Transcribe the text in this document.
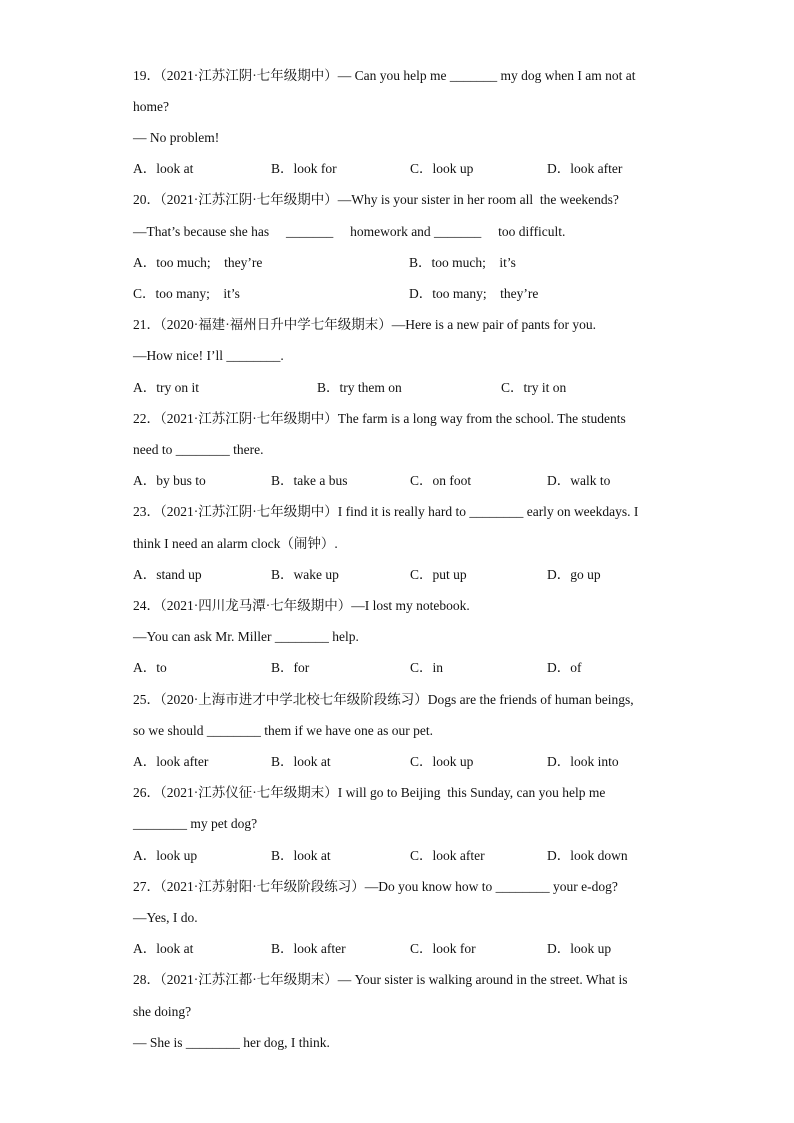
19．（2021·江苏江阴·七年级期中）— Can you help me _______ my dog when I am not at
home?
— No problem!
A．look at	B．look for	C．look up	D．look after
20．（2021·江苏江阴·七年级期中）—Why is your sister in her room all  the weekends?
—That’s because she has     _______     homework and _______     too difficult.
A．too much;    they’re	B．too much;    it’s
C．too many;    it’s	D．too many;    they’re
21．（2020·福建·福州日升中学七年级期末）—Here is a new pair of pants for you.
—How nice! I’ll ________.
A．try on it	B．try them on	C．try it on
22．（2021·江苏江阴·七年级期中）The farm is a long way from the school. The students
need to ________ there.
A．by bus to	B．take a bus	C．on foot	D．walk to
23．（2021·江苏江阴·七年级期中）I find it is really hard to ________ early on weekdays. I
think I need an alarm clock（闹钟）.
A．stand up	B．wake up	C．put up	D．go up
24．（2021·四川龙马潭·七年级期中）—I lost my notebook.
—You can ask Mr. Miller ________ help.
A．to	B．for	C．in	D．of
25．（2020·上海市进才中学北校七年级阶段练习）Dogs are the friends of human beings,
so we should ________ them if we have one as our pet.
A．look after	B．look at	C．look up	D．look into
26．（2021·江苏仪征·七年级期末）I will go to Beijing  this Sunday, can you help me
________ my pet dog?
A．look up	B．look at	C．look after	D．look down
27．（2021·江苏射阳·七年级阶段练习）—Do you know how to ________ your e-dog?
—Yes, I do.
A．look at	B．look after	C．look for	D．look up
28．（2021·江苏江都·七年级期末）— Your sister is walking around in the street. What is
she doing?
— She is ________ her dog, I think.
